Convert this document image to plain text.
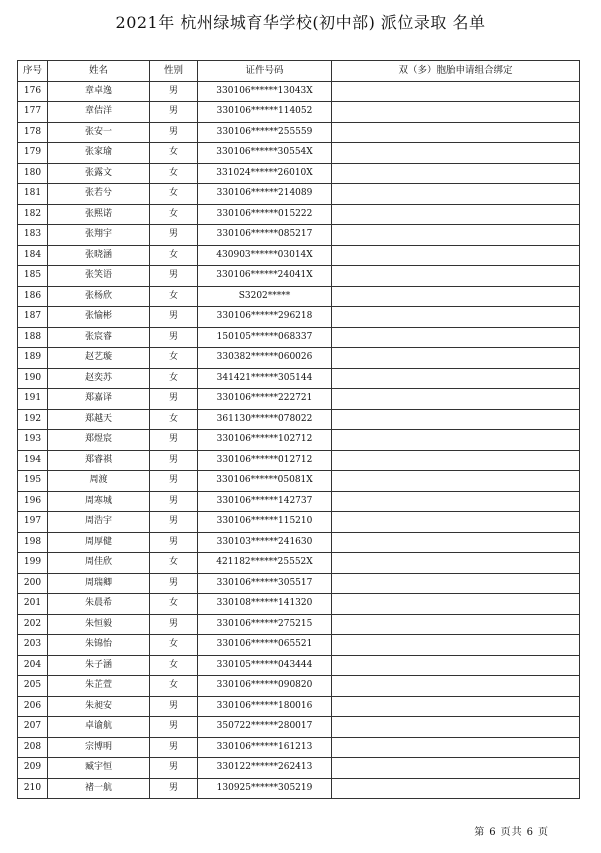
2021年 杭州绿城育华学校(初中部) 派位录取 名单
序号	姓名	性别	证件号码	双（多）胞胎申请组合绑定
176	章卓逸	男	330106******13043X	
177	章佶洋	男	330106******114052	
178	张安一	男	330106******255559	
179	张家瑜	女	330106******30554X	
180	张露文	女	331024******26010X	
181	张若兮	女	330106******214089	
182	张熙诺	女	330106******015222	
183	张翔宇	男	330106******085217	
184	张晓涵	女	430903******03014X	
185	张笑语	男	330106******24041X	
186	张杨欣	女	S3202*****	
187	张愉彬	男	330106******296218	
188	张宸睿	男	150105******068337	
189	赵艺璇	女	330382******060026	
190	赵奕苏	女	341421******305144	
191	郑嘉译	男	330106******222721	
192	郑越天	女	361130******078022	
193	郑煜宸	男	330106******102712	
194	郑睿祺	男	330106******012712	
195	周渡	男	330106******05081X	
196	周寒城	男	330106******142737	
197	周浩宇	男	330106******115210	
198	周厚健	男	330103******241630	
199	周佳欣	女	421182******25552X	
200	周瑞卿	男	330106******305517	
201	朱晨希	女	330108******141320	
202	朱恒毅	男	330106******275215	
203	朱锦怡	女	330106******065521	
204	朱子涵	女	330105******043444	
205	朱芷萱	女	330106******090820	
206	朱昶安	男	330106******180016	
207	卓谕航	男	350722******280017	
208	宗博明	男	330106******161213	
209	臧宇恒	男	330122******262413	
210	褚一航	男	130925******305219	
第 6 页共 6 页
